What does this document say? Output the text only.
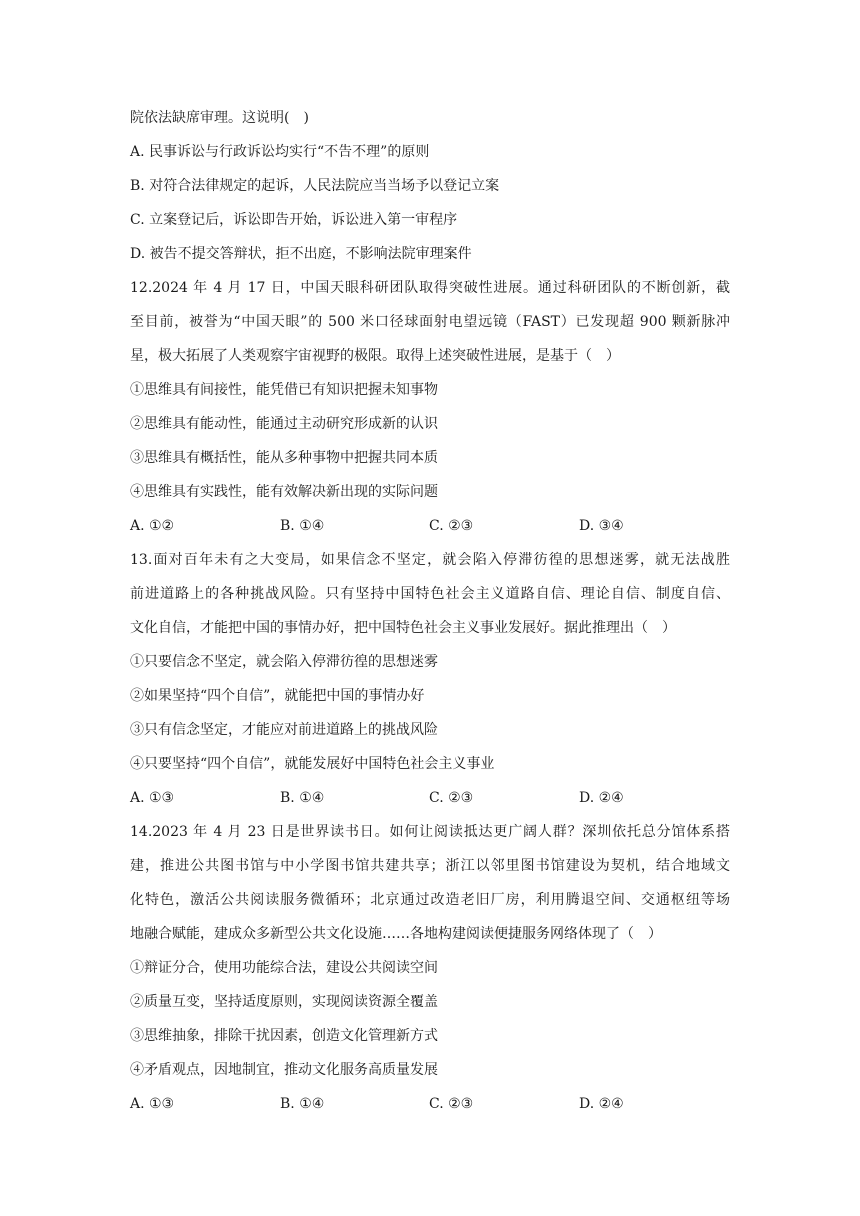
院依法缺席审理。这说明(　)
A. 民事诉讼与行政诉讼均实行“不告不理”的原则
B. 对符合法律规定的起诉，人民法院应当当场予以登记立案
C. 立案登记后，诉讼即告开始，诉讼进入第一审程序
D. 被告不提交答辩状，拒不出庭，不影响法院审理案件
12.2024 年 4 月 17 日，中国天眼科研团队取得突破性进展。通过科研团队的不断创新，截
至目前，被誉为“中国天眼”的 500 米口径球面射电望远镜（FAST）已发现超 900 颗新脉冲
星，极大拓展了人类观察宇宙视野的极限。取得上述突破性进展，是基于（　）
①思维具有间接性，能凭借已有知识把握未知事物
②思维具有能动性，能通过主动研究形成新的认识
③思维具有概括性，能从多种事物中把握共同本质
④思维具有实践性，能有效解决新出现的实际问题
A. ①②	B. ①④	C. ②③	D. ③④
13.面对百年未有之大变局，如果信念不坚定，就会陷入停滞彷徨的思想迷雾，就无法战胜
前进道路上的各种挑战风险。只有坚持中国特色社会主义道路自信、理论自信、制度自信、
文化自信，才能把中国的事情办好，把中国特色社会主义事业发展好。据此推理出（　）
①只要信念不坚定，就会陷入停滞彷徨的思想迷雾
②如果坚持“四个自信”，就能把中国的事情办好
③只有信念坚定，才能应对前进道路上的挑战风险
④只要坚持“四个自信”，就能发展好中国特色社会主义事业
A. ①③	B. ①④	C. ②③	D. ②④
14.2023 年 4 月 23 日是世界读书日。如何让阅读抵达更广阔人群？深圳依托总分馆体系搭
建，推进公共图书馆与中小学图书馆共建共享；浙江以邻里图书馆建设为契机，结合地域文
化特色，激活公共阅读服务微循环；北京通过改造老旧厂房，利用腾退空间、交通枢纽等场
地融合赋能，建成众多新型公共文化设施……各地构建阅读便捷服务网络体现了（　）
①辩证分合，使用功能综合法，建设公共阅读空间
②质量互变，坚持适度原则，实现阅读资源全覆盖
③思维抽象，排除干扰因素，创造文化管理新方式
④矛盾观点，因地制宜，推动文化服务高质量发展
A. ①③	B. ①④	C. ②③	D. ②④
